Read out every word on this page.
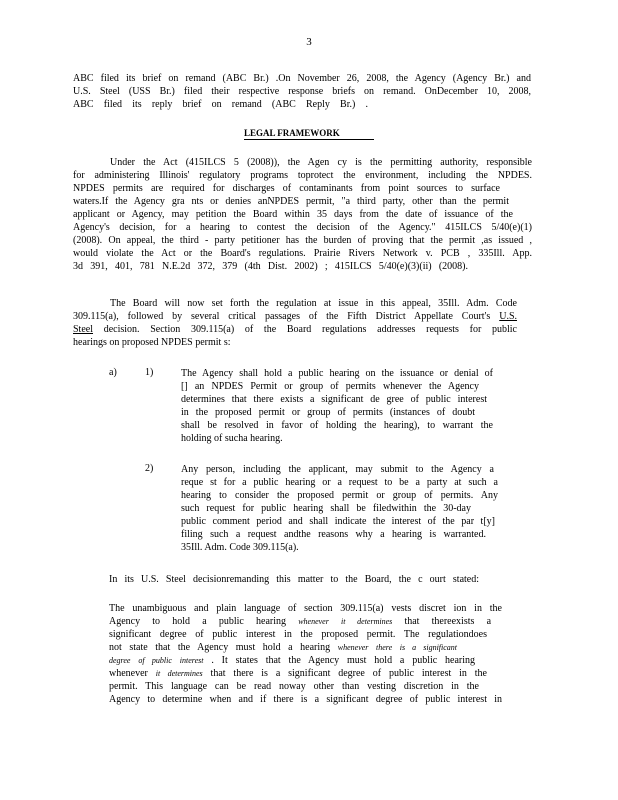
3

ABC filed its brief on remand (ABC Br.) .On November 26, 2008, the Agency (Agency Br.) and

U.S. Steel (USS Br.) filed their respective response briefs on remand. OnDecember 10, 2008,

ABC filed its reply brief on remand (ABC Reply Br.) .

LEGAL FRAMEWORK

Under the Act (415ILCS 5 (2008)), the Agen cy is the permitting authority, responsible

for administering Illinois' regulatory programs toprotect the environment, including the NPDES.

NPDES permits are required for discharges of contaminants from point sources to surface

waters.If the Agency gra nts or denies anNPDES permit, "a third party, other than the permit

applicant or Agency, may petition the Board within 35 days from the date of issuance of the

Agency's decision, for a hearing to contest the decision of the Agency." 415ILCS 5/40(e)(1)

(2008). On appeal, the third - party petitioner has the burden of proving that the permit ,as issued ,

would violate the Act or the Board's regulations. Prairie Rivers Network v. PCB , 335Ill. App.

3d 391, 401, 781 N.E.2d 372, 379 (4th Dist. 2002) ; 415ILCS 5/40(e)(3)(ii) (2008).

The Board will now set forth the regulation at issue in this appeal, 35Ill. Adm. Code

309.115(a), followed by several critical passages of the Fifth District Appellate Court's U.S.

Steel decision. Section 309.115(a) of the Board regulations addresses requests for public

hearings on proposed NPDES permit s:

a)	1)	The Agency shall hold a public hearing on the issuance or denial of

[] an NPDES Permit or group of permits whenever the Agency

determines that there exists a significant de gree of public interest

in the proposed permit or group of permits (instances of doubt

shall be resolved in favor of holding the hearing), to warrant the

holding of sucha hearing.

2)	Any person, including the applicant, may submit to the Agency a

reque st for a public hearing or a request to be a party at such a

hearing to consider the proposed permit or group of permits. Any

such request for public hearing shall be filedwithin the 30-day

public comment period and shall indicate the interest of the par t[y]

filing such a request andthe reasons why a hearing is warranted.

35Ill. Adm. Code 309.115(a).

In its U.S. Steel decisionremanding this matter to the Board, the c ourt stated:

The unambiguous and plain language of section 309.115(a) vests discret ion in the

Agency to hold a public hearing whenever it determines that thereexists a

significant degree of public interest in the proposed permit. The regulationdoes

not state that the Agency must hold a hearing whenever there is a significant

degree of public interest . It states that the Agency must hold a public hearing

whenever it determines that there is a significant degree of public interest in the

permit. This language can be read noway other than vesting discretion in the

Agency to determine when and if there is a significant degree of public interest in
